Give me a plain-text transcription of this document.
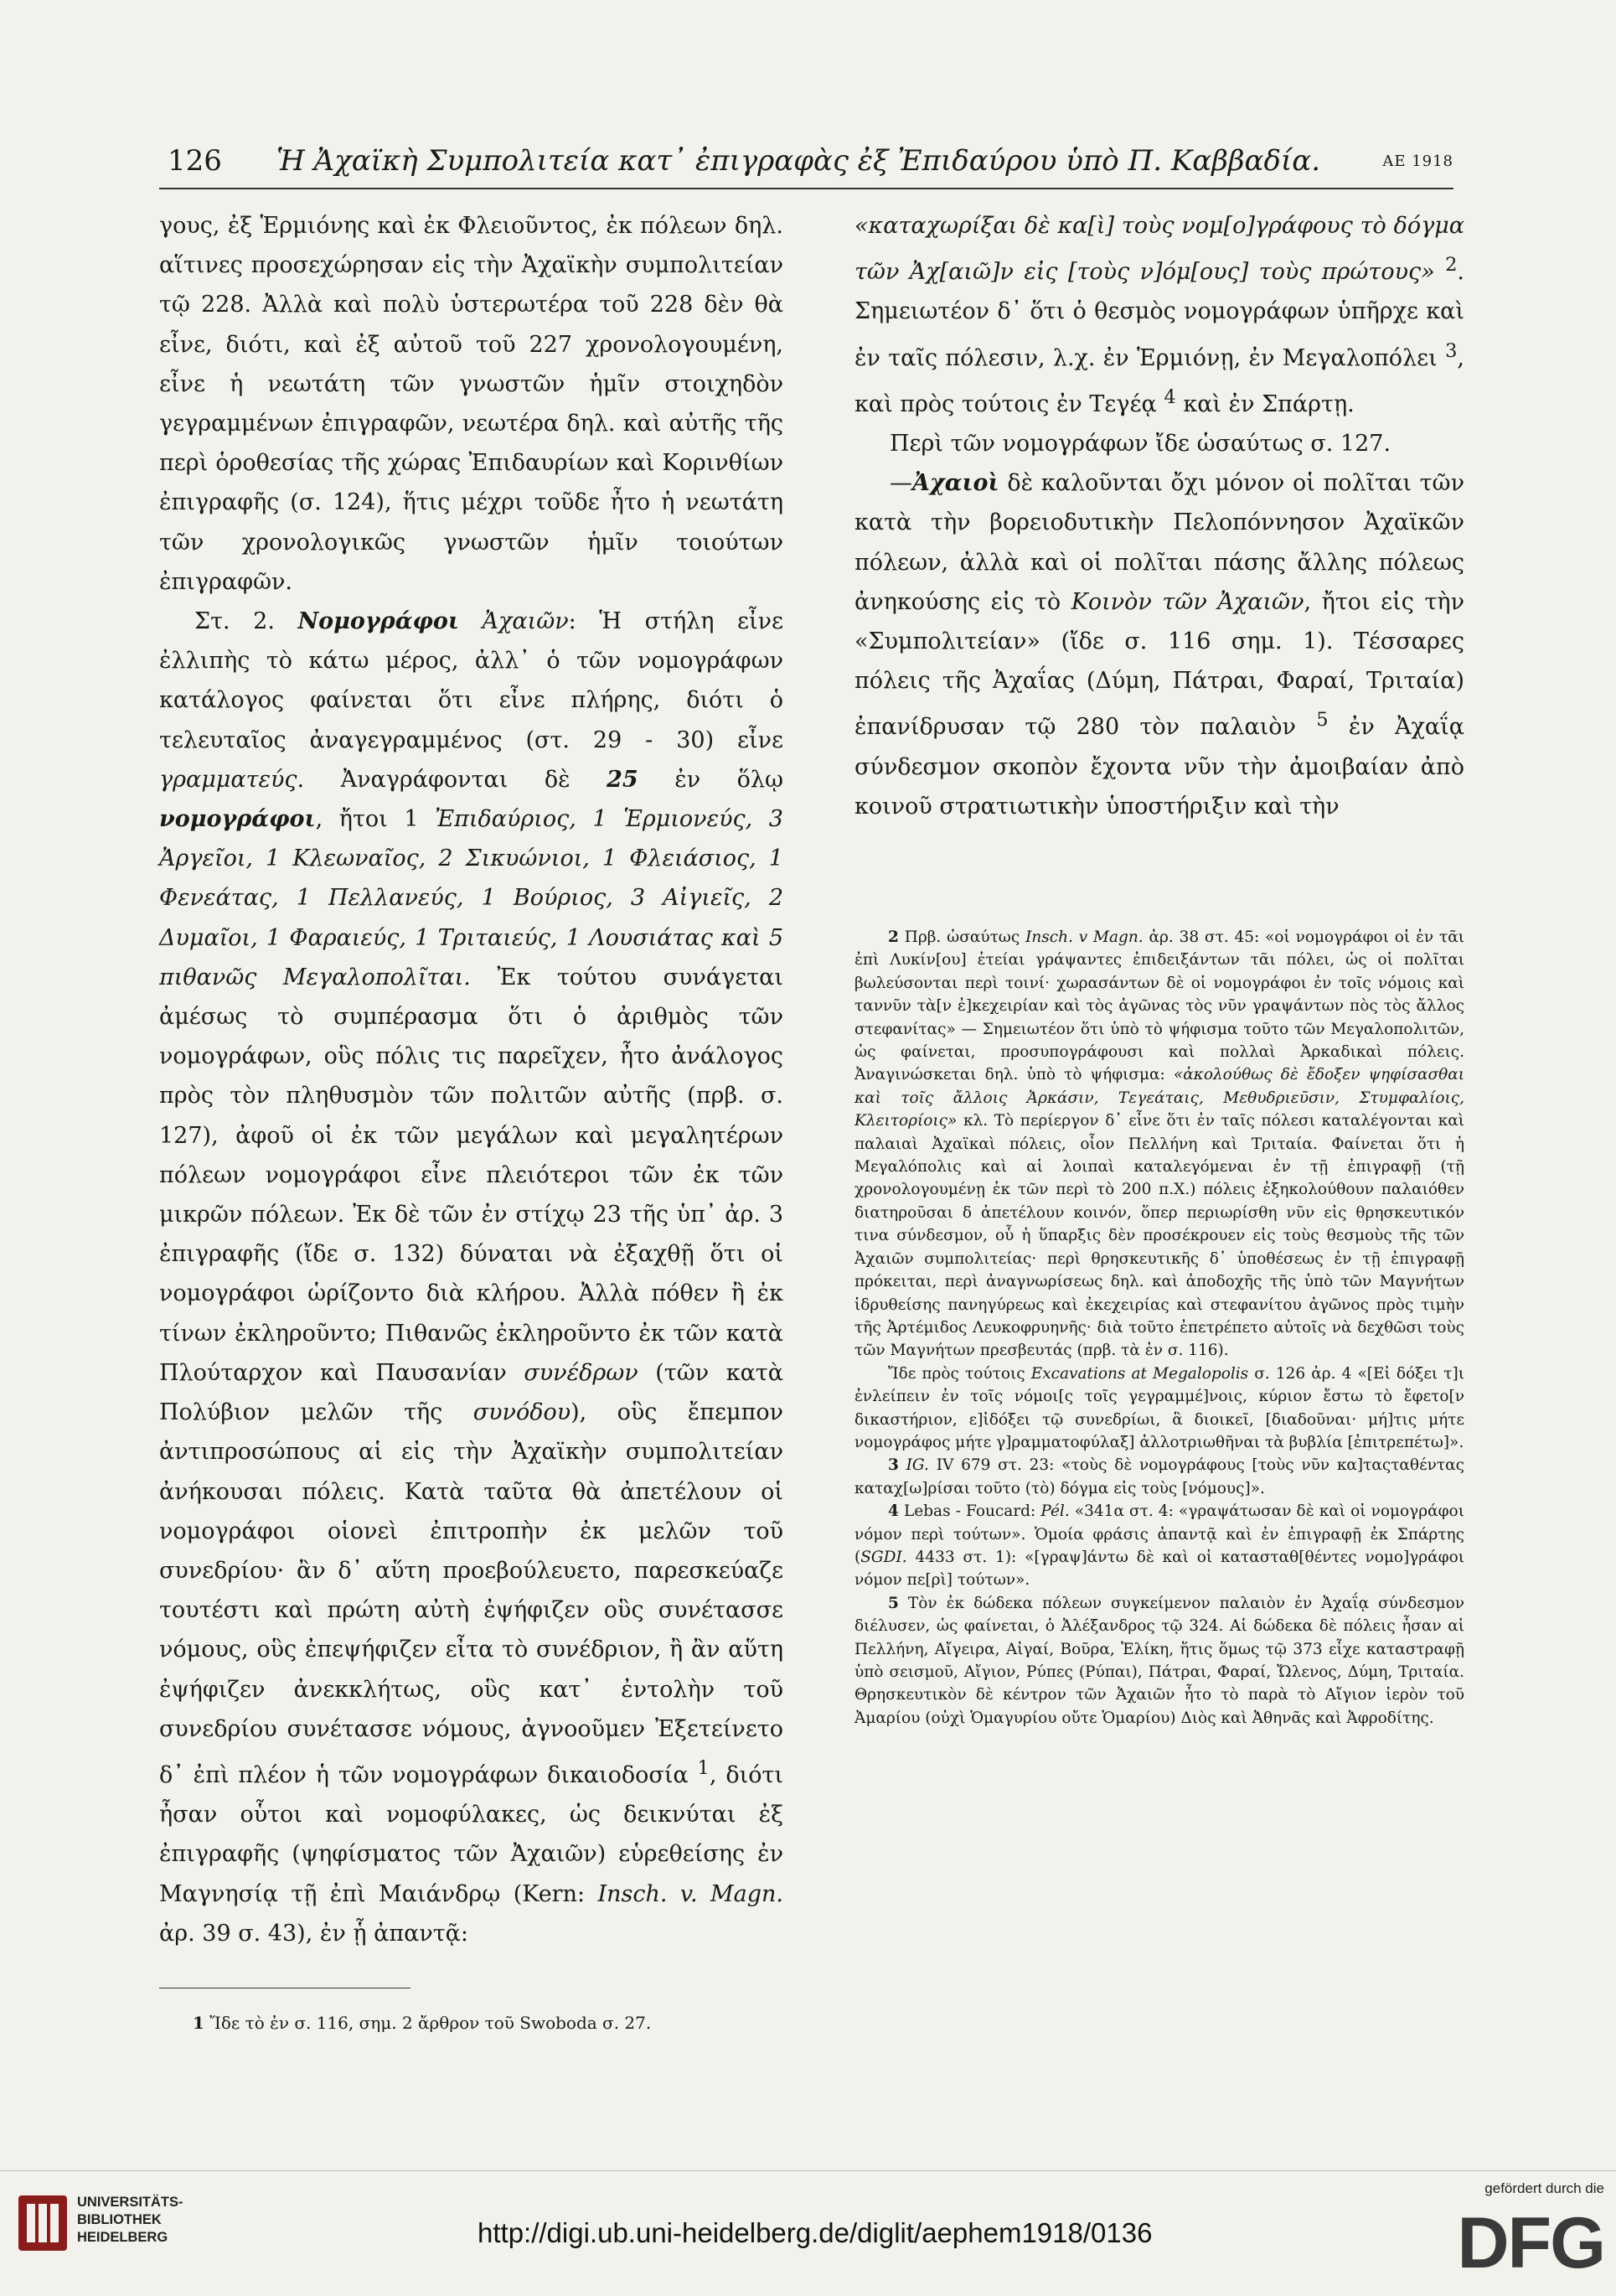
126 Ἡ Ἀχαϊκὴ Συμπολιτεία κατ᾽ ἐπιγραφὰς ἐξ Ἐπιδαύρου ὑπὸ Π. Καββαδία.	ΑΕ 1918

γους, ἐξ Ἑρμιόνης καὶ ἐκ Φλειοῦντος, ἐκ πόλεων δηλ. αἵτινες προσεχώρησαν εἰς τὴν Ἀχαϊκὴν συμπολιτείαν τῷ 228. Ἀλλὰ καὶ πολὺ ὑστερωτέρα τοῦ 228 δὲν θὰ εἶνε, διότι, καὶ ἐξ αὐτοῦ τοῦ 227 χρονολογουμένη, εἶνε ἡ νεωτάτη τῶν γνωστῶν ἡμῖν στοιχηδὸν γεγραμμένων ἐπιγραφῶν, νεωτέρα δηλ. καὶ αὐτῆς τῆς περὶ ὁροθεσίας τῆς χώρας Ἐπιδαυρίων καὶ Κορινθίων ἐπιγραφῆς (σ. 124), ἥτις μέχρι τοῦδε ἦτο ἡ νεωτάτη τῶν χρονολογικῶς γνωστῶν ἡμῖν τοιούτων ἐπιγραφῶν.

Στ. 2. Νομογράφοι Ἀχαιῶν: Ἡ στήλη εἶνε ἐλλιπὴς τὸ κάτω μέρος, ἀλλ᾽ ὁ τῶν νομογράφων κατάλογος φαίνεται ὅτι εἶνε πλήρης, διότι ὁ τελευταῖος ἀναγεγραμμένος (στ. 29 - 30) εἶνε γραμματεύς. Ἀναγράφονται δὲ 25 ἐν ὅλῳ νομογράφοι, ἤτοι 1 Ἐπιδαύριος, 1 Ἑρμιονεύς, 3 Ἀργεῖοι, 1 Κλεωναῖος, 2 Σικυώνιοι, 1 Φλειάσιος, 1 Φενεάτας, 1 Πελλανεύς, 1 Βούριος, 3 Αἰγιεῖς, 2 Δυμαῖοι, 1 Φαραιεύς, 1 Τριταιεύς, 1 Λουσιάτας καὶ 5 πιθανῶς Μεγαλοπολῖται. Ἐκ τούτου συνάγεται ἀμέσως τὸ συμπέρασμα ὅτι ὁ ἀριθμὸς τῶν νομογράφων, οὓς πόλις τις παρεῖχεν, ἦτο ἀνάλογος πρὸς τὸν πληθυσμὸν τῶν πολιτῶν αὐτῆς (πρβ. σ. 127), ἀφοῦ οἱ ἐκ τῶν μεγάλων καὶ μεγαλητέρων πόλεων νομογράφοι εἶνε πλειότεροι τῶν ἐκ τῶν μικρῶν πόλεων. Ἐκ δὲ τῶν ἐν στίχῳ 23 τῆς ὑπ᾽ ἀρ. 3 ἐπιγραφῆς (ἴδε σ. 132) δύναται νὰ ἐξαχθῇ ὅτι οἱ νομογράφοι ὡρίζοντο διὰ κλήρου. Ἀλλὰ πόθεν ἢ ἐκ τίνων ἐκληροῦντο; Πιθανῶς ἐκληροῦντο ἐκ τῶν κατὰ Πλούταρχον καὶ Παυσανίαν συνέδρων (τῶν κατὰ Πολύβιον μελῶν τῆς συνόδου), οὓς ἔπεμπον ἀντιπροσώπους αἱ εἰς τὴν Ἀχαϊκὴν συμπολιτείαν ἀνήκουσαι πόλεις. Κατὰ ταῦτα θὰ ἀπετέλουν οἱ νομογράφοι οἱονεὶ ἐπιτροπὴν ἐκ μελῶν τοῦ συνεδρίου· ἂν δ᾽ αὕτη προεβούλευετο, παρεσκεύαζε τουτέστι καὶ πρώτη αὐτὴ ἐψήφιζεν οὓς συνέτασσε νόμους, οὓς ἐπεψήφιζεν εἶτα τὸ συνέδριον, ἢ ἂν αὕτη ἐψήφιζεν ἀνεκκλήτως, οὓς κατ᾽ ἐντολὴν τοῦ συνεδρίου συνέτασσε νόμους, ἀγνοοῦμεν Ἐξετείνετο δ᾽ ἐπὶ πλέον ἡ τῶν νομογράφων δικαιοδοσία $^1$, διότι ἦσαν οὗτοι καὶ νομοφύλακες, ὡς δεικνύται ἐξ ἐπιγραφῆς (ψηφίσματος τῶν Ἀχαιῶν) εὑρεθείσης ἐν Μαγνησίᾳ τῇ ἐπὶ Μαιάνδρῳ (Kern: Insch. v. Magn. ἀρ. 39 σ. 43), ἐν ᾗ ἀπαντᾷ:

1 Ἴδε τὸ ἐν σ. 116, σημ. 2 ἄρθρον τοῦ Swoboda σ. 27.

«καταχωρίξαι δὲ κα[ὶ] τοὺς νομ[ο]γράφους τὸ δόγμα τῶν Ἀχ[αιῶ]ν εἰς [τοὺς ν]όμ[ους] τοὺς πρώτους» $^2$. Σημειωτέον δ᾽ ὅτι ὁ θεσμὸς νομογράφων ὑπῆρχε καὶ ἐν ταῖς πόλεσιν, λ.χ. ἐν Ἑρμιόνῃ, ἐν Μεγαλοπόλει $^3$, καὶ πρὸς τούτοις ἐν Τεγέᾳ $^4$ καὶ ἐν Σπάρτῃ.

Περὶ τῶν νομογράφων ἴδε ὡσαύτως σ. 127.

—Ἀχαιοὶ δὲ καλοῦνται ὄχι μόνον οἱ πολῖται τῶν κατὰ τὴν βορειοδυτικὴν Πελοπόννησον Ἀχαϊκῶν πόλεων, ἀλλὰ καὶ οἱ πολῖται πάσης ἄλλης πόλεως ἀνηκούσης εἰς τὸ Κοινὸν τῶν Ἀχαιῶν, ἤτοι εἰς τὴν «Συμπολιτείαν» (ἴδε σ. 116 σημ. 1). Τέσσαρες πόλεις τῆς Ἀχαΐας (Δύμη, Πάτραι, Φαραί, Τριταία) ἐπανίδρυσαν τῷ 280 τὸν παλαιὸν $^5$ ἐν Ἀχαΐᾳ σύνδεσμον σκοπὸν ἔχοντα νῦν τὴν ἀμοιβαίαν ἀπὸ κοινοῦ στρατιωτικὴν ὑποστήριξιν καὶ τὴν

2 Πρβ. ὡσαύτως Insch. v Magn. ἀρ. 38 στ. 45: «οἱ νομογράφοι οἱ ἐν τᾶι ἐπὶ Λυκίν[ου] ἐτείαι γράψαντες ἐπιδειξάντων τᾶι πόλει, ὡς οἱ πολῖται βωλεύσονται περὶ τοινί· χωρασάντων δὲ οἱ νομογράφοι ἐν τοῖς νόμοις καὶ ταννῦν τὰ[ν ἐ]κεχειρίαν καὶ τὸς ἀγῶνας τὸς νῦν γραψάντων πὸς τὸς ἄλλος στεφανίτας» — Σημειωτέον ὅτι ὑπὸ τὸ ψήφισμα τοῦτο τῶν Μεγαλοπολιτῶν, ὡς φαίνεται, προσυπογράφουσι καὶ πολλαὶ Ἀρκαδικαὶ πόλεις. Ἀναγινώσκεται δηλ. ὑπὸ τὸ ψήφισμα: «ἀκολούθως δὲ ἔδοξεν ψηφίσασθαι καὶ τοῖς ἄλλοις Ἀρκάσιν, Τεγεάταις, Μεθυδριεῦσιν, Στυμφαλίοις, Κλειτορίοις» κλ. Τὸ περίεργον δ᾽ εἶνε ὅτι ἐν ταῖς πόλεσι καταλέγονται καὶ παλαιαὶ Ἀχαϊκαὶ πόλεις, οἷον Πελλήνη καὶ Τριταία. Φαίνεται ὅτι ἡ Μεγαλόπολις καὶ αἱ λοιπαὶ καταλεγόμεναι ἐν τῇ ἐπιγραφῇ (τῇ χρονολογουμένῃ ἐκ τῶν περὶ τὸ 200 π.Χ.) πόλεις ἐξηκολούθουν παλαιόθεν διατηροῦσαι δ ἀπετέλουν κοινόν, ὅπερ περιωρίσθη νῦν εἰς θρησκευτικόν τινα σύνδεσμον, οὗ ἡ ὕπαρξις δὲν προσέκρουεν εἰς τοὺς θεσμοὺς τῆς τῶν Ἀχαιῶν συμπολιτείας· περὶ θρησκευτικῆς δ᾽ ὑποθέσεως ἐν τῇ ἐπιγραφῇ πρόκειται, περὶ ἀναγνωρίσεως δηλ. καὶ ἀποδοχῆς τῆς ὑπὸ τῶν Μαγνήτων ἱδρυθείσης πανηγύρεως καὶ ἐκεχειρίας καὶ στεφανίτου ἀγῶνος πρὸς τιμὴν τῆς Ἀρτέμιδος Λευκοφρυηνῆς· διὰ τοῦτο ἐπετρέπετο αὐτοῖς νὰ δεχθῶσι τοὺς τῶν Μαγνήτων πρεσβευτάς (πρβ. τὰ ἐν σ. 116).

Ἴδε πρὸς τούτοις Excavations at Megalopolis σ. 126 ἀρ. 4 «[Εἰ δόξει τ]ι ἐνλείπειν ἐν τοῖς νόμοι[ς τοῖς γεγραμμέ]νοις, κύριον ἔστω τὸ ἔφετο[ν δικαστήριον, ε]ἰδόξει τῷ συνεδρίωι, ἃ διοικεῖ, [διαδοῦναι· μή]τις μήτε νομογράφος μήτε γ]ραμματοφύλαξ] ἀλλοτριωθῆναι τὰ βυβλία [ἐπιτρεπέτω]».

3 IG. IV 679 στ. 23: «τοὺς δὲ νομογράφους [τοὺς νῦν κα]ταςταθέντας καταχ[ω]ρίσαι τοῦτο (τὸ) δόγμα εἰς τοὺς [νόμους]».

4 Lebas - Foucard: Pél. «341α στ. 4: «γραψάτωσαν δὲ καὶ οἱ νομογράφοι νόμον περὶ τούτων». Ὁμοία φράσις ἀπαντᾷ καὶ ἐν ἐπιγραφῇ ἐκ Σπάρτης (SGDI. 4433 στ. 1): «[γραψ]άντω δὲ καὶ οἱ κατασταθ[θέντες νομο]γράφοι νόμον πε[ρὶ] τούτων».

5 Τὸν ἐκ δώδεκα πόλεων συγκείμενον παλαιὸν ἐν Ἀχαΐᾳ σύνδεσμον διέλυσεν, ὡς φαίνεται, ὁ Ἀλέξανδρος τῷ 324. Αἱ δώδεκα δὲ πόλεις ἦσαν αἱ Πελλήνη, Αἴγειρα, Αἰγαί, Βοῦρα, Ἑλίκη, ἥτις ὅμως τῷ 373 εἶχε καταστραφῇ ὑπὸ σεισμοῦ, Αἴγιον, Ρύπες (Ρύπαι), Πάτραι, Φαραί, Ὤλενος, Δύμη, Τριταία. Θρησκευτικὸν δὲ κέντρον τῶν Ἀχαιῶν ἦτο τὸ παρὰ τὸ Αἴγιον ἱερὸν τοῦ Ἀμαρίου (οὐχὶ Ὁμαγυρίου οὔτε Ὁμαρίου) Διὸς καὶ Ἀθηνᾶς καὶ Ἀφροδίτης.

UNIVERSITÄTS-
BIBLIOTHEK
HEIDELBERG	http://digi.ub.uni-heidelberg.de/diglit/aephem1918/0136
gefördert durch die
DFG
